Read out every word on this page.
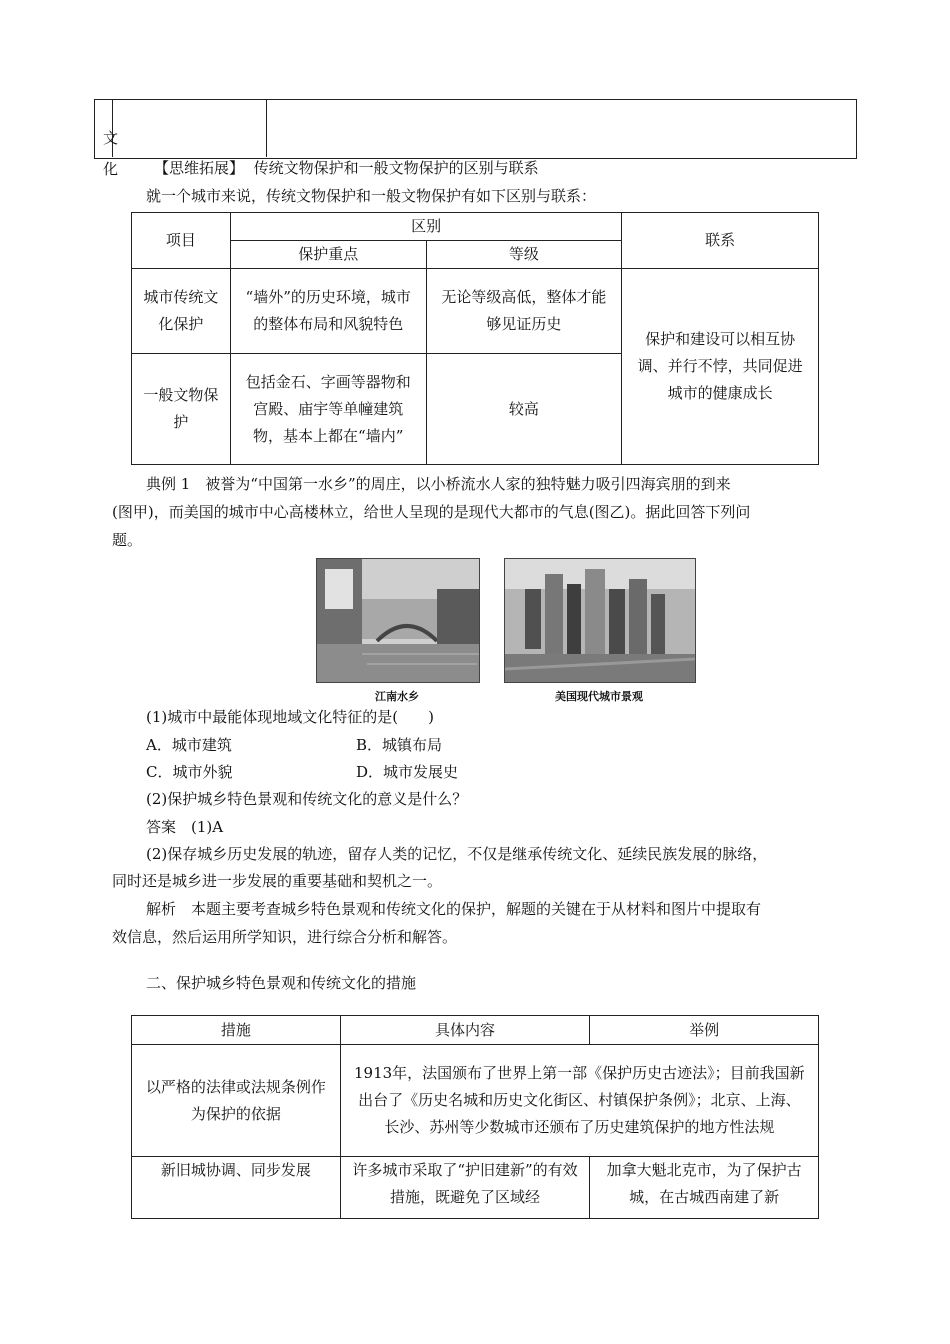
文
化 【思维拓展】 传统文物保护和一般文物保护的区别与联系
就一个城市来说，传统文物保护和一般文物保护有如下区别与联系：
项目	区别		联系
	保护重点	等级	
城市传统文化保护	“墙外”的历史环境，城市的整体布局和风貌特色	无论等级高低，整体才能够见证历史	保护和建设可以相互协调、并行不悖，共同促进城市的健康成长
一般文物保护	包括金石、字画等器物和宫殿、庙宇等单幢建筑物，基本上都在“墙内”	较高	
典例 1　被誉为“中国第一水乡”的周庄，以小桥流水人家的独特魅力吸引四海宾朋的到来
(图甲)，而美国的城市中心高楼林立，给世人呈现的是现代大都市的气息(图乙)。据此回答下列问
题。
江南水乡	美国现代城市景观
(1)城市中最能体现地域文化特征的是(　　)
A．城市建筑	B．城镇布局
C．城市外貌	D．城市发展史
(2)保护城乡特色景观和传统文化的意义是什么？
答案　(1)A
(2)保存城乡历史发展的轨迹，留存人类的记忆，不仅是继承传统文化、延续民族发展的脉络，
同时还是城乡进一步发展的重要基础和契机之一。
解析　本题主要考查城乡特色景观和传统文化的保护，解题的关键在于从材料和图片中提取有
效信息，然后运用所学知识，进行综合分析和解答。
二、保护城乡特色景观和传统文化的措施
措施	具体内容	举例
以严格的法律或法规条例作为保护的依据	1913年，法国颁布了世界上第一部《保护历史古迹法》；目前我国新出台了《历史名城和历史文化街区、村镇保护条例》；北京、上海、长沙、苏州等少数城市还颁布了历史建筑保护的地方性法规	
新旧城协调、同步发展	许多城市采取了“护旧建新”的有效措施，既避免了区域经	加拿大魁北克市，为了保护古城，在古城西南建了新
